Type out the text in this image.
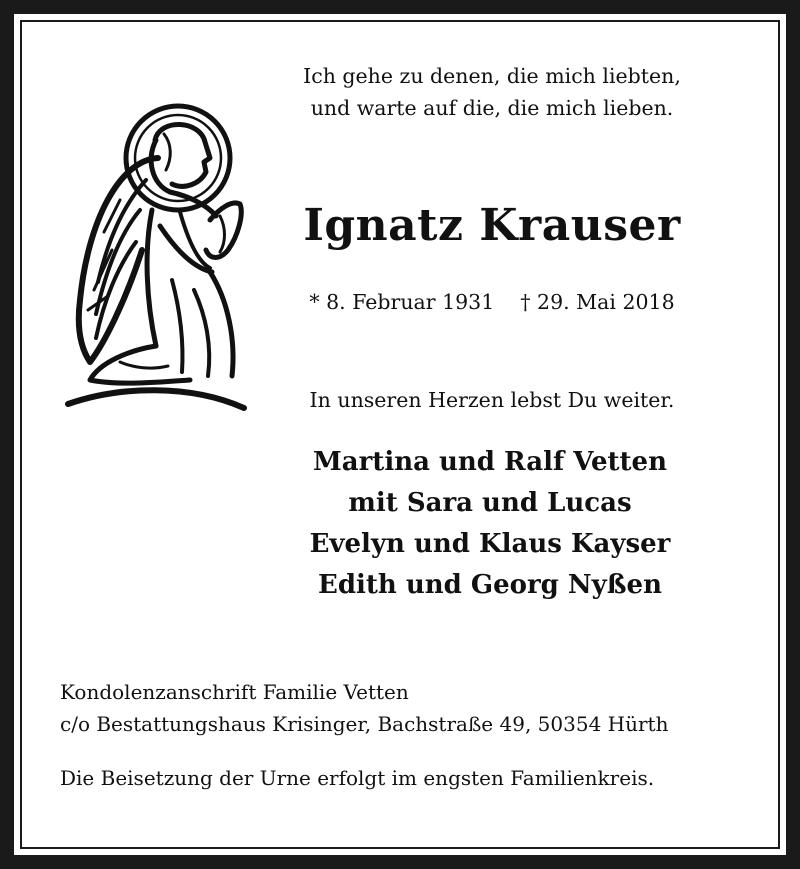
Ich gehe zu denen, die mich liebten,
und warte auf die, die mich lieben.
Ignatz Krauser
* 8. Februar 1931 † 29. Mai 2018
In unseren Herzen lebst Du weiter.
Martina und Ralf Vetten
mit Sara und Lucas
Evelyn und Klaus Kayser
Edith und Georg Nyßen
Kondolenzanschrift Familie Vetten
c/o Bestattungshaus Krisinger, Bachstraße 49, 50354 Hürth
Die Beisetzung der Urne erfolgt im engsten Familienkreis.
